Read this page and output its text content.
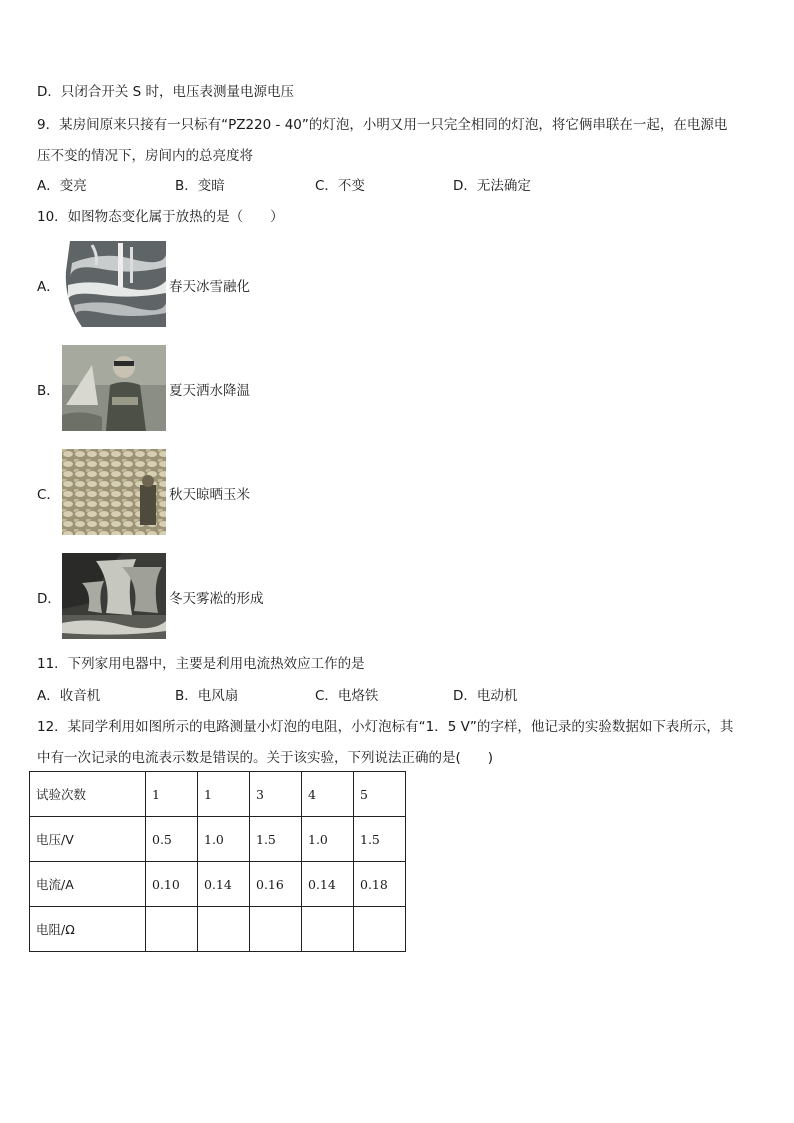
D．只闭合开关 S 时，电压表测量电源电压
9．某房间原来只接有一只标有“PZ220 - 40”的灯泡，小明又用一只完全相同的灯泡，将它俩串联在一起，在电源电
压不变的情况下，房间内的总亮度将
A．变亮	B．变暗	C．不变	D．无法确定
10．如图物态变化属于放热的是（　　）
A．	春天冰雪融化
B．	夏天洒水降温
C．	秋天晾晒玉米
D．	冬天雾凇的形成
11．下列家用电器中，主要是利用电流热效应工作的是
A．收音机	B．电风扇	C．电烙铁	D．电动机
12．某同学利用如图所示的电路测量小灯泡的电阻，小灯泡标有“1．5 V”的字样，他记录的实验数据如下表所示，其
中有一次记录的电流表示数是错误的。关于该实验，下列说法正确的是(　　)
试验次数	1	1	3	4	5
电压/V	0.5	1.0	1.5	1.0	1.5
电流/A	0.10	0.14	0.16	0.14	0.18
电阻/Ω					
